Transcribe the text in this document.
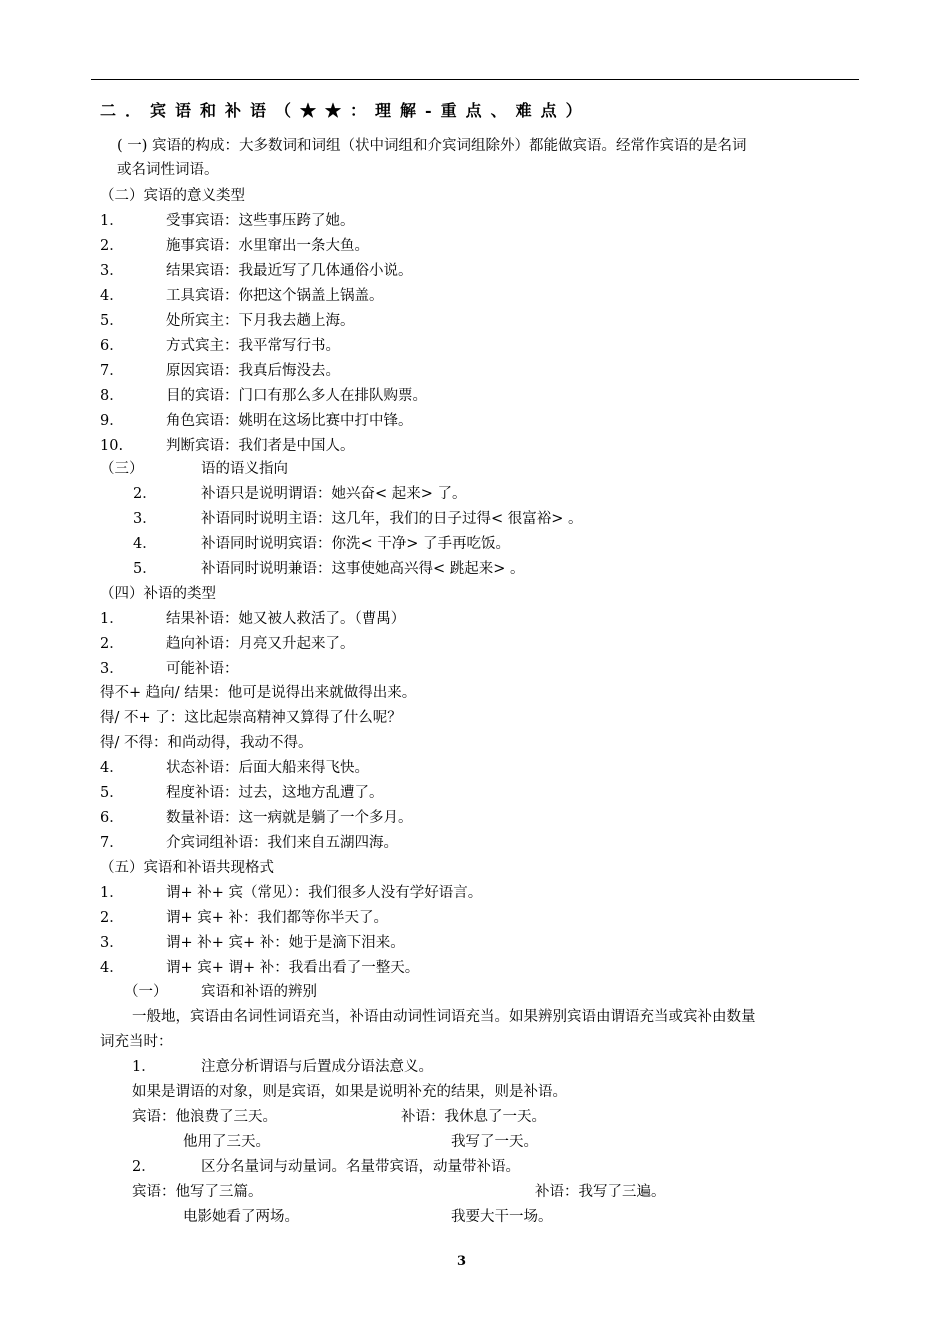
二．宾语和补语（★★：理解-重点、难点）
( 一) 宾语的构成：大多数词和词组（状中词组和介宾词组除外）都能做宾语。经常作宾语的是名词
或名词性词语。
（二）宾语的意义类型
1．	受事宾语：这些事压跨了她。
2．	施事宾语：水里窜出一条大鱼。
3．	结果宾语：我最近写了几体通俗小说。
4．	工具宾语：你把这个锅盖上锅盖。
5．	处所宾主：下月我去趟上海。
6．	方式宾主：我平常写行书。
7．	原因宾语：我真后悔没去。
8．	目的宾语：门口有那么多人在排队购票。
9．	角色宾语：姚明在这场比赛中打中锋。
10.	判断宾语：我们者是中国人。
（三）	语的语义指向
2．	补语只是说明谓语：她兴奋< 起来> 了。
3．	补语同时说明主语：这几年，我们的日子过得< 很富裕> 。
4．	补语同时说明宾语：你洗< 干净> 了手再吃饭。
5．	补语同时说明兼语：这事使她高兴得< 跳起来> 。
（四）补语的类型
1．	结果补语：她又被人救活了。（曹禺）
2．	趋向补语：月亮又升起来了。
3．	可能补语：
得不+ 趋向/ 结果：他可是说得出来就做得出来。
得/ 不+ 了：这比起崇高精神又算得了什么呢？
得/ 不得：和尚动得，我动不得。
4．	状态补语：后面大船来得飞快。
5．	程度补语：过去，这地方乱遭了。
6．	数量补语：这一病就是躺了一个多月。
7．	介宾词组补语：我们来自五湖四海。
（五）宾语和补语共现格式
1．	谓+ 补+ 宾（常见）：我们很多人没有学好语言。
2．	谓+ 宾+ 补：我们都等你半天了。
3．	谓+ 补+ 宾+ 补：她于是滴下泪来。
4．	谓+ 宾+ 谓+ 补：我看出看了一整天。
（一） 宾语和补语的辨别
一般地，宾语由名词性词语充当，补语由动词性词语充当。如果辨别宾语由谓语充当或宾补由数量
词充当时：
1．	注意分析谓语与后置成分语法意义。
如果是谓语的对象，则是宾语，如果是说明补充的结果，则是补语。
宾语：他浪费了三天。	补语：我休息了一天。
他用了三天。	我写了一天。
2．	区分名量词与动量词。名量带宾语，动量带补语。
宾语：他写了三篇。	补语：我写了三遍。
电影她看了两场。	我要大干一场。
3
